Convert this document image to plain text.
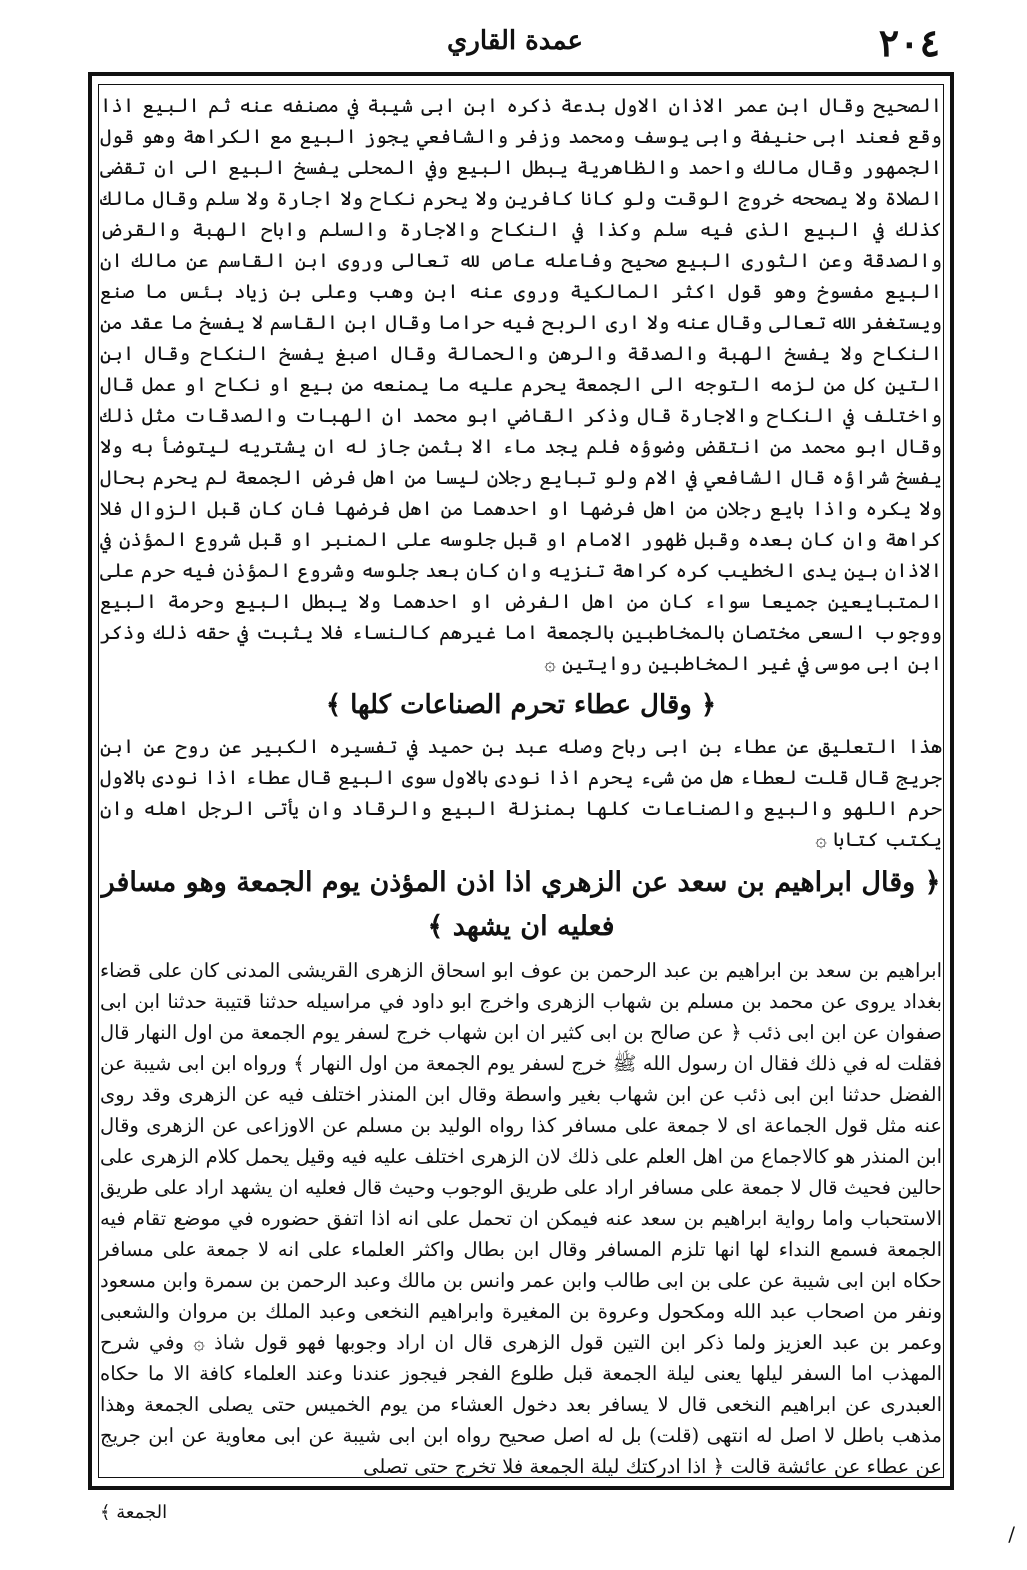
عمدة القاري	٢٠٤

الصحيح وقال ابن عمر الاذان الاول بدعة ذكره ابن ابى شيبة في مصنفه عنه ثم البيع اذا وقع فعند ابى حنيفة وابى يوسف ومحمد وزفر والشافعي يجوز البيع مع الكراهة وهو قول الجمهور وقال مالك واحمد والظاهرية يبطل البيع وفي المحلى يفسخ البيع الى ان تقضى الصلاة ولا يصححه خروج الوقت ولو كانا كافرين ولا يحرم نكاح ولا اجارة ولا سلم وقال مالك كذلك في البيع الذى فيه سلم وكذا في النكاح والاجارة والسلم واباح الهبة والقرض والصدقة وعن الثورى البيع صحيح وفاعله عاص لله تعالى وروى ابن القاسم عن مالك ان البيع مفسوخ وهو قول اكثر المالكية وروى عنه ابن وهب وعلى بن زياد بئس ما صنع ويستغفر الله تعالى وقال عنه ولا ارى الربح فيه حراما وقال ابن القاسم لا يفسخ ما عقد من النكاح ولا يفسخ الهبة والصدقة والرهن والحمالة وقال اصبغ يفسخ النكاح وقال ابن التين كل من لزمه التوجه الى الجمعة يحرم عليه ما يمنعه من بيع او نكاح او عمل قال واختلف في النكاح والاجارة قال وذكر القاضي ابو محمد ان الهبات والصدقات مثل ذلك وقال ابو محمد من انتقض وضوؤه فلم يجد ماء الا بثمن جاز له ان يشتريه ليتوضأ به ولا يفسخ شراؤه قال الشافعي في الام ولو تبايع رجلان ليسا من اهل فرض الجمعة لم يحرم بحال ولا يكره واذا بايع رجلان من اهل فرضها او احدهما من اهل فرضها فان كان قبل الزوال فلا كراهة وان كان بعده وقبل ظهور الامام او قبل جلوسه على المنبر او قبل شروع المؤذن في الاذان بين يدى الخطيب كره كراهة تنزيه وان كان بعد جلوسه وشروع المؤذن فيه حرم على المتبايعين جميعا سواء كان من اهل الفرض او احدهما ولا يبطل البيع وحرمة البيع ووجوب السعى مختصان بالمخاطبين بالجمعة اما غيرهم كالنساء فلا يثبت في حقه ذلك وذكر ابن ابى موسى في غير المخاطبين روايتين ۞

﴿ وقال عطاء تحرم الصناعات كلها ﴾

هذا التعليق عن عطاء بن ابى رباح وصله عبد بن حميد في تفسيره الكبير عن روح عن ابن جريج قال قلت لعطاء هل من شىء يحرم اذا نودى بالاول سوى البيع قال عطاء اذا نودى بالاول حرم اللهو والبيع والصناعات كلها بمنزلة البيع والرقاد وان يأتى الرجل اهله وان يكتب كتابا ۞

﴿ وقال ابراهيم بن سعد عن الزهري اذا اذن المؤذن يوم الجمعة وهو مسافر فعليه ان يشهد ﴾

ابراهيم بن سعد بن ابراهيم بن عبد الرحمن بن عوف ابو اسحاق الزهرى القريشى المدنى كان على قضاء بغداد يروى عن محمد بن مسلم بن شهاب الزهرى واخرج ابو داود في مراسيله حدثنا قتيبة حدثنا ابن ابى صفوان عن ابن ابى ذئب ﴿ عن صالح بن ابى كثير ان ابن شهاب خرج لسفر يوم الجمعة من اول النهار قال فقلت له في ذلك فقال ان رسول الله ﷺ خرج لسفر يوم الجمعة من اول النهار ﴾ ورواه ابن ابى شيبة عن الفضل حدثنا ابن ابى ذئب عن ابن شهاب بغير واسطة وقال ابن المنذر اختلف فيه عن الزهرى وقد روى عنه مثل قول الجماعة اى لا جمعة على مسافر كذا رواه الوليد بن مسلم عن الاوزاعى عن الزهرى وقال ابن المنذر هو كالاجماع من اهل العلم على ذلك لان الزهرى اختلف عليه فيه وقيل يحمل كلام الزهرى على حالين فحيث قال لا جمعة على مسافر اراد على طريق الوجوب وحيث قال فعليه ان يشهد اراد على طريق الاستحباب واما رواية ابراهيم بن سعد عنه فيمكن ان تحمل على انه اذا اتفق حضوره في موضع تقام فيه الجمعة فسمع النداء لها انها تلزم المسافر وقال ابن بطال واكثر العلماء على انه لا جمعة على مسافر حكاه ابن ابى شيبة عن على بن ابى طالب وابن عمر وانس بن مالك وعبد الرحمن بن سمرة وابن مسعود ونفر من اصحاب عبد الله ومكحول وعروة بن المغيرة وابراهيم النخعى وعبد الملك بن مروان والشعبى وعمر بن عبد العزيز ولما ذكر ابن التين قول الزهرى قال ان اراد وجوبها فهو قول شاذ ۞ وفي شرح المهذب اما السفر ليلها يعنى ليلة الجمعة قبل طلوع الفجر فيجوز عندنا وعند العلماء كافة الا ما حكاه العبدرى عن ابراهيم النخعى قال لا يسافر بعد دخول العشاء من يوم الخميس حتى يصلى الجمعة وهذا مذهب باطل لا اصل له انتهى (قلت) بل له اصل صحيح رواه ابن ابى شيبة عن ابى معاوية عن ابن جريج عن عطاء عن عائشة قالت ﴿ اذا ادركتك ليلة الجمعة فلا تخرج حتى تصلى

الجمعة ﴾
/
